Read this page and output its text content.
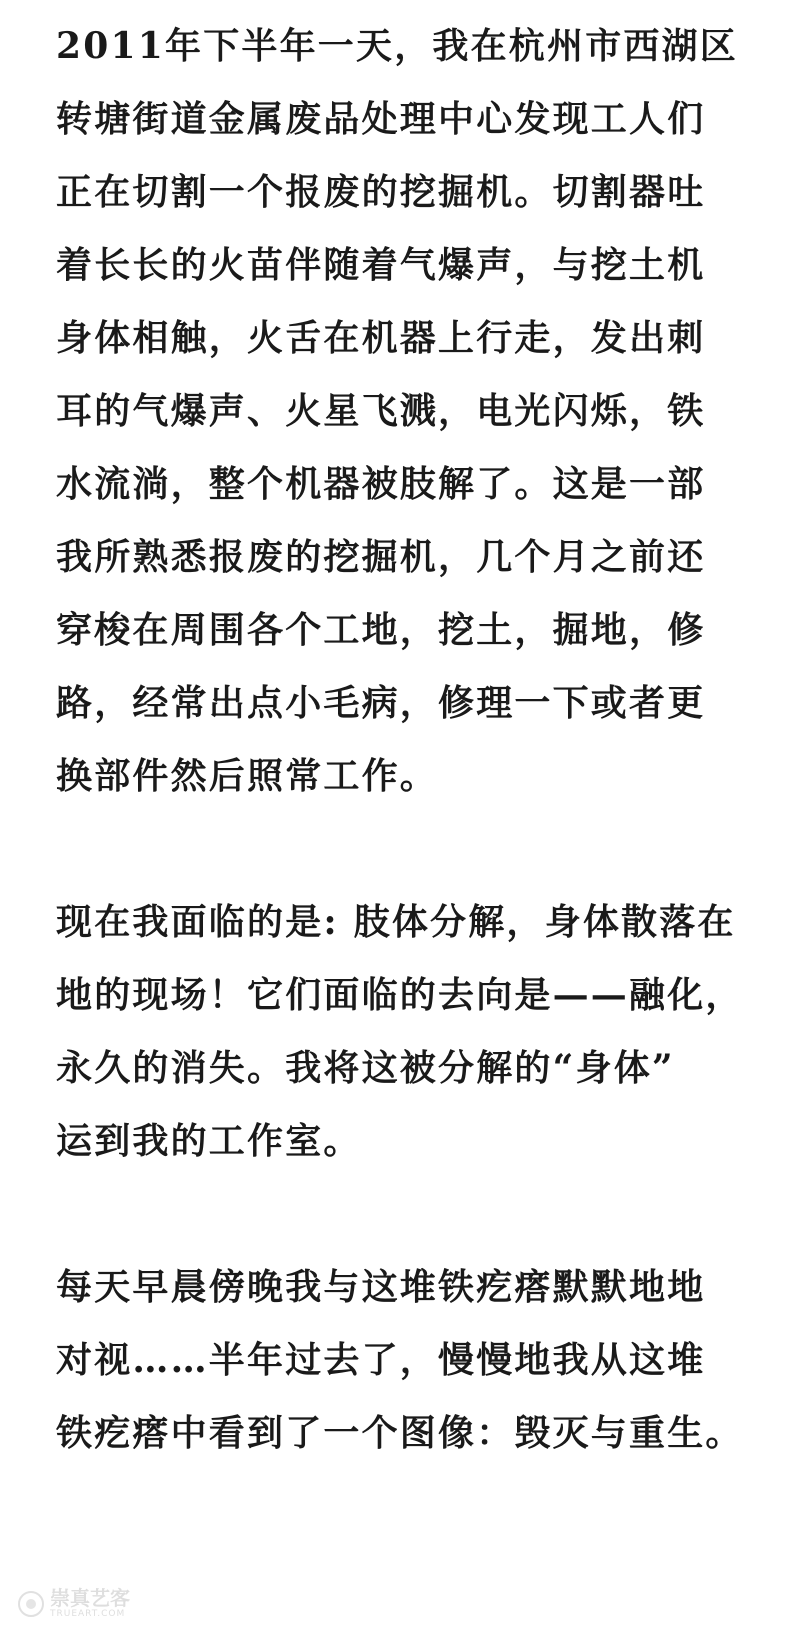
2011年下半年一天，我在杭州市西湖区
转塘街道金属废品处理中心发现工人们
正在切割一个报废的挖掘机。切割器吐
着长长的火苗伴随着气爆声，与挖土机
身体相触，火舌在机器上行走，发出刺
耳的气爆声、火星飞溅，电光闪烁，铁
水流淌，整个机器被肢解了。这是一部
我所熟悉报废的挖掘机，几个月之前还
穿梭在周围各个工地，挖土，掘地，修
路，经常出点小毛病，修理一下或者更
换部件然后照常工作。
现在我面临的是: 肢体分解，身体散落在
地的现场！它们面临的去向是——融化，
永久的消失。我将这被分解的“身体”
运到我的工作室。
每天早晨傍晚我与这堆铁疙瘩默默地地
对视……半年过去了，慢慢地我从这堆
铁疙瘩中看到了一个图像：毁灭与重生。
崇真艺客
TRUEART.COM
